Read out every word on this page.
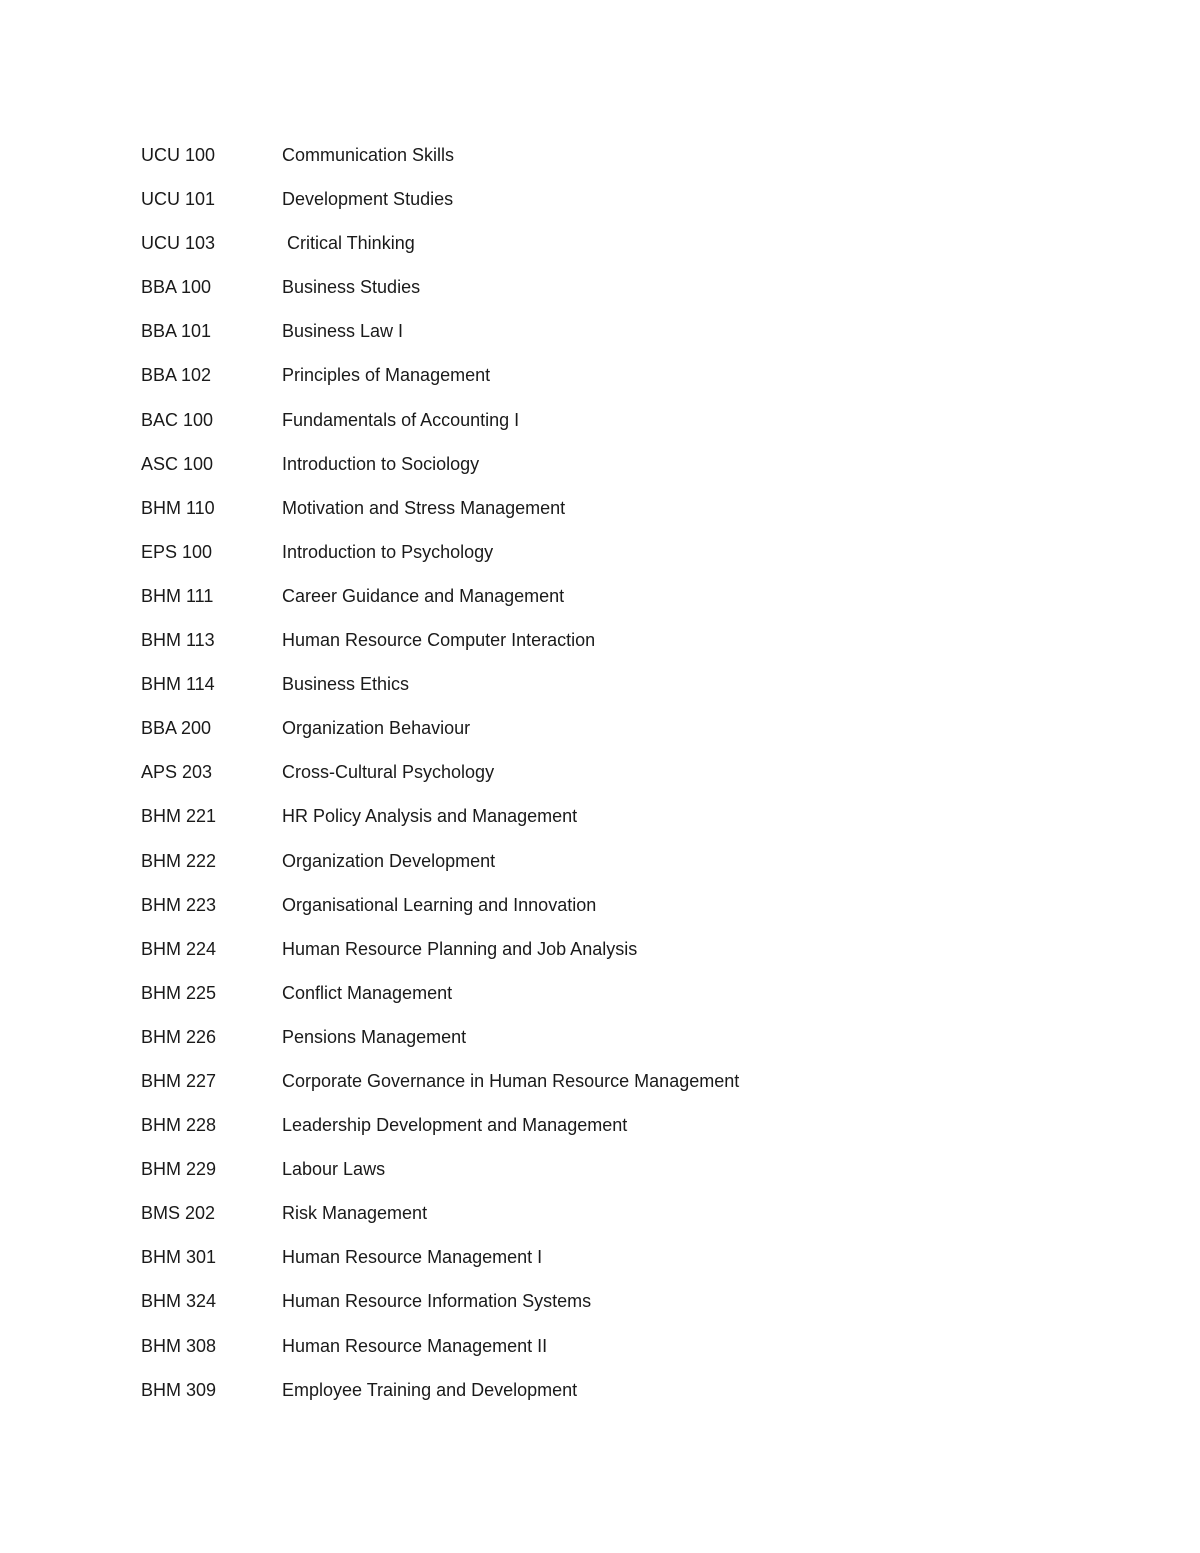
UCU 100	Communication Skills
UCU 101	Development Studies
UCU 103	Critical Thinking
BBA 100	Business Studies
BBA 101	Business Law I
BBA 102	Principles of Management
BAC 100	Fundamentals of Accounting I
ASC 100	Introduction to Sociology
BHM 110	Motivation and Stress Management
EPS 100	Introduction to Psychology
BHM 111	Career Guidance and Management
BHM 113	Human Resource Computer Interaction
BHM 114	Business Ethics
BBA 200	Organization Behaviour
APS 203	Cross-Cultural Psychology
BHM 221	HR Policy Analysis and Management
BHM 222	Organization Development
BHM 223	Organisational Learning and Innovation
BHM 224	Human Resource Planning and Job Analysis
BHM 225	Conflict Management
BHM 226	Pensions Management
BHM 227	Corporate Governance in Human Resource Management
BHM 228	Leadership Development and Management
BHM 229	Labour Laws
BMS 202	Risk Management
BHM 301	Human Resource Management I
BHM 324	Human Resource Information Systems
BHM 308	Human Resource Management II
BHM 309	Employee Training and Development
